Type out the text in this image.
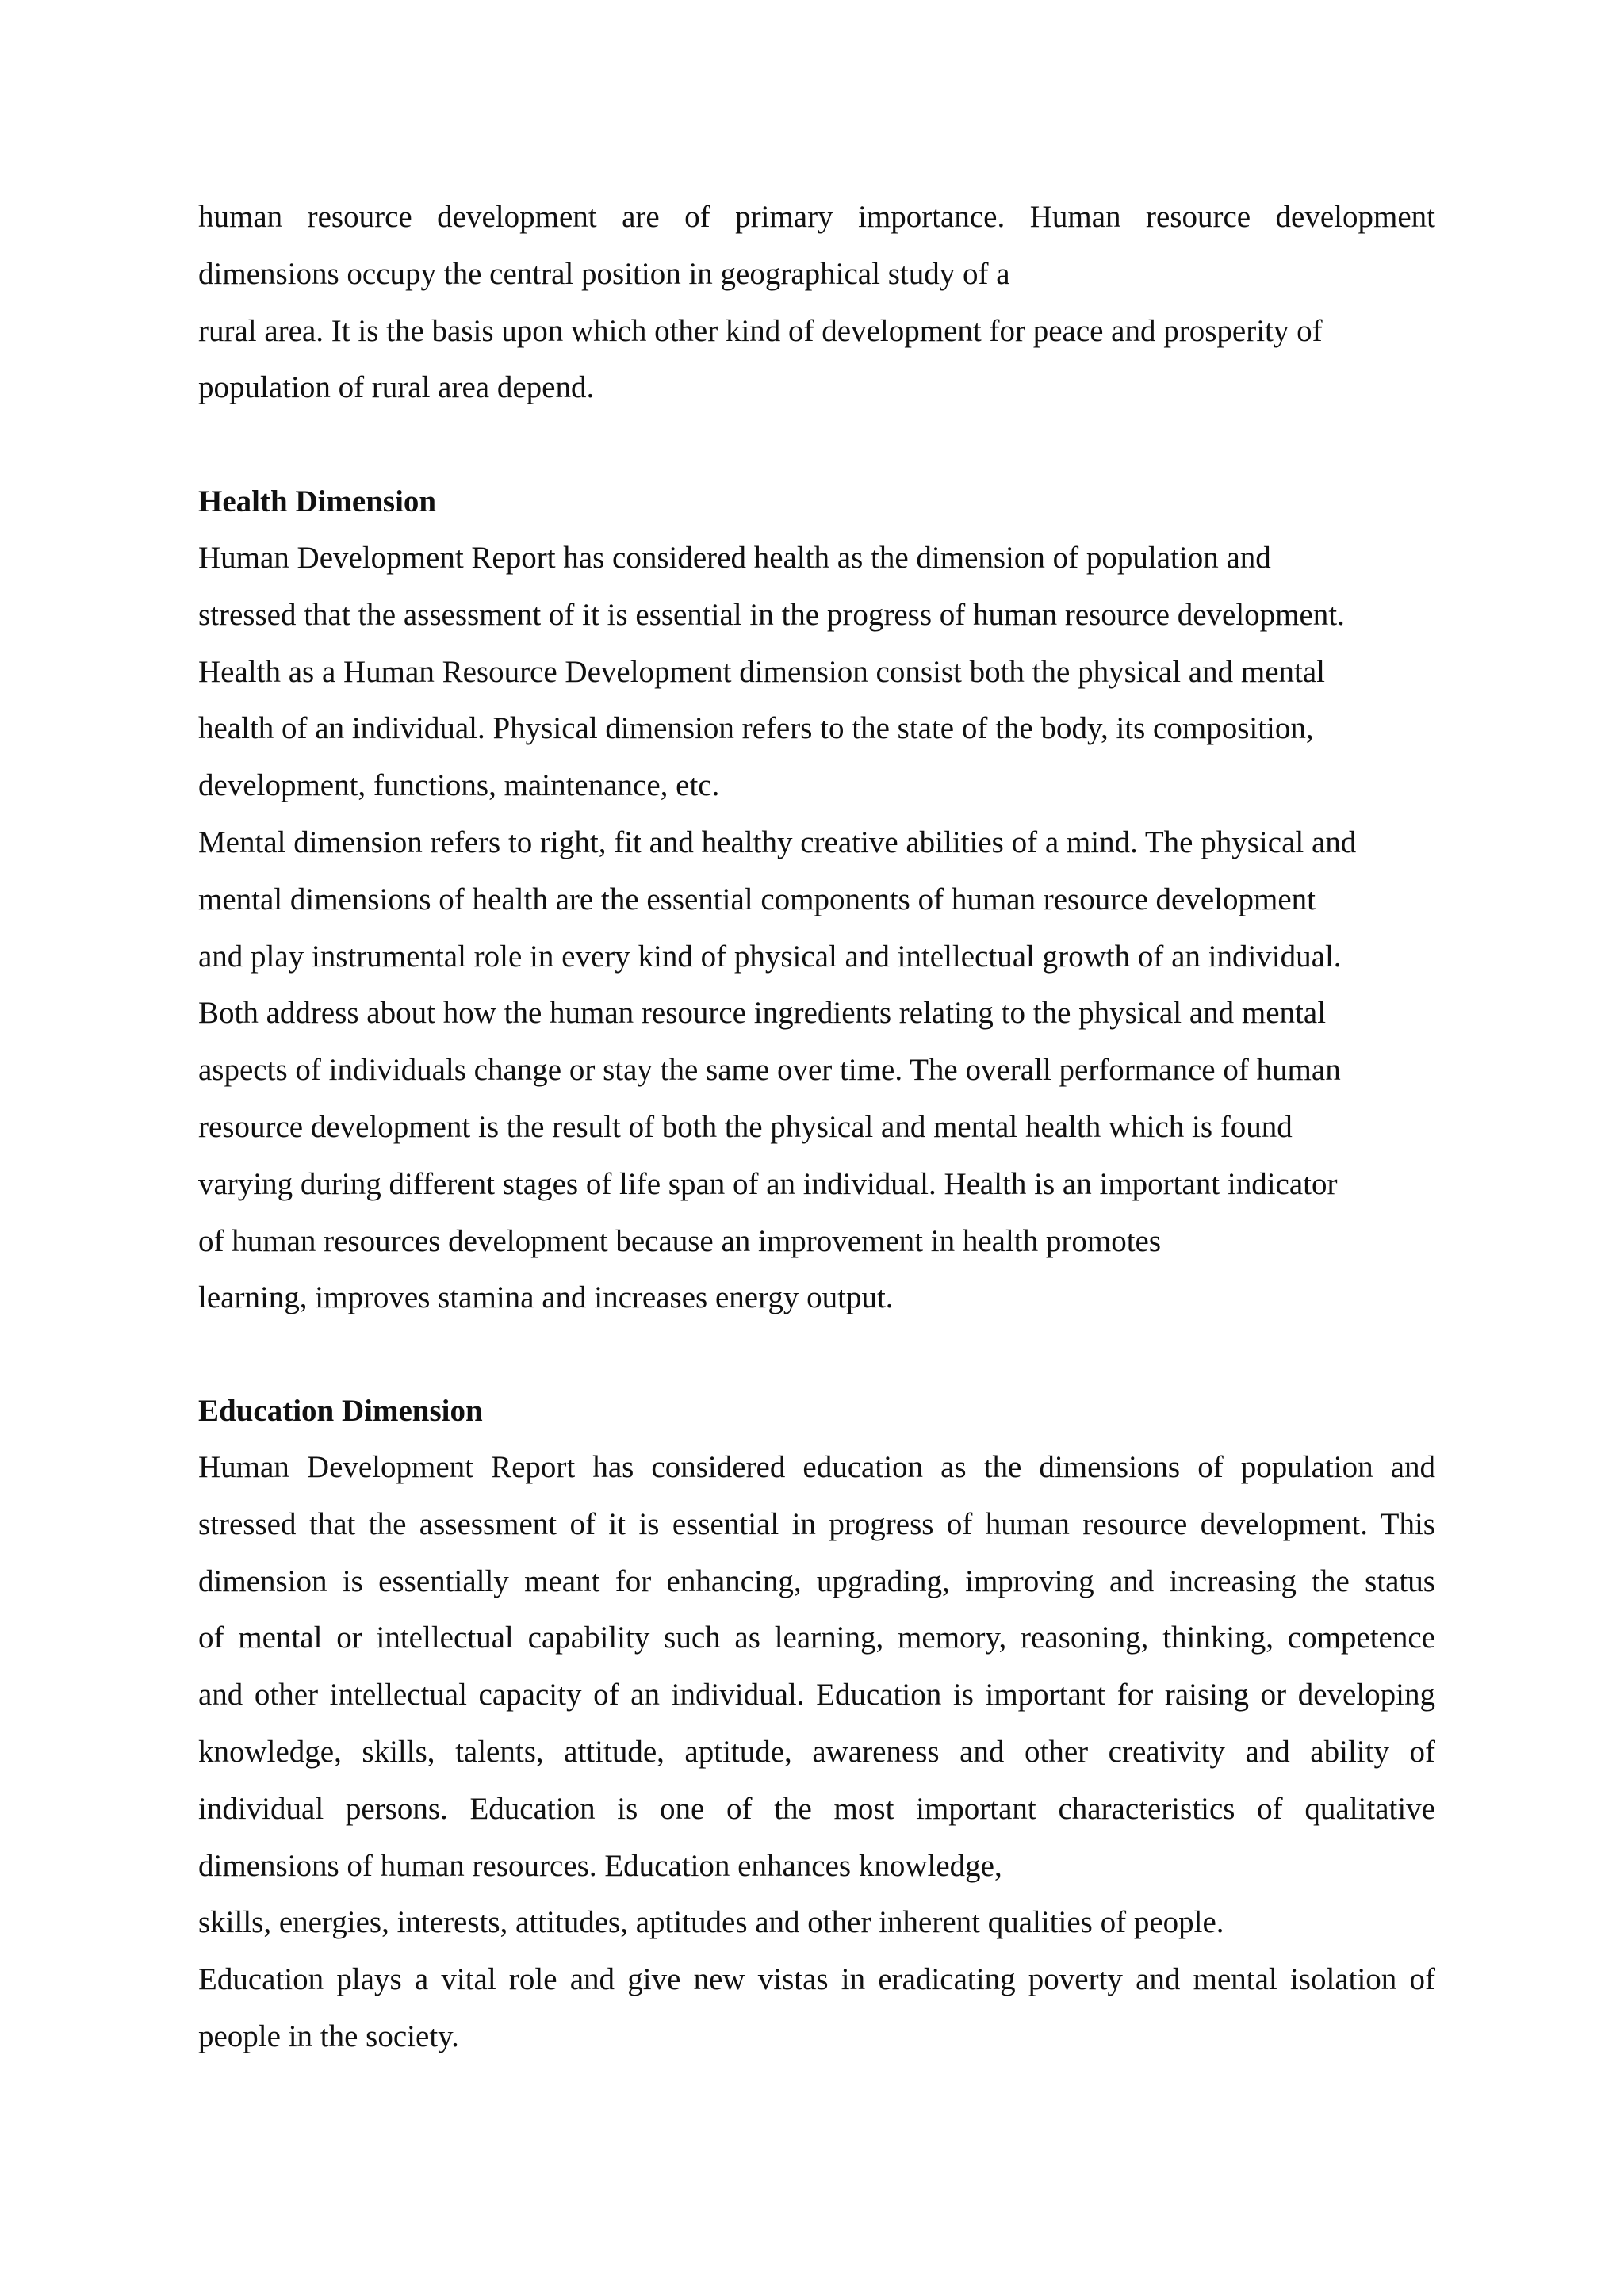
human resource development are of primary importance. Human resource development
dimensions occupy the central position in geographical study of a
rural area. It is the basis upon which other kind of development for peace and prosperity of
population of rural area depend.
Health Dimension
Human Development Report has considered health as the dimension of population and
stressed that the assessment of it is essential in the progress of human resource development.
Health as a Human Resource Development dimension consist both the physical and mental
health of an individual. Physical dimension refers to the state of the body, its composition,
development, functions, maintenance, etc.
Mental dimension refers to right, fit and healthy creative abilities of a mind. The physical and
mental dimensions of health are the essential components of human resource development
and play instrumental role in every kind of physical and intellectual growth of an individual.
Both address about how the human resource ingredients relating to the physical and mental
aspects of individuals change or stay the same over time. The overall performance of human
resource development is the result of both the physical and mental health which is found
varying during different stages of life span of an individual. Health is an important indicator
of human resources development because an improvement in health promotes
learning, improves stamina and increases energy output.
Education Dimension
Human Development Report has considered education as the dimensions of population and
stressed that the assessment of it is essential in progress of human resource development. This
dimension is essentially meant for enhancing, upgrading, improving and increasing the status
of mental or intellectual capability such as learning, memory, reasoning, thinking, competence
and other intellectual capacity of an individual. Education is important for raising or developing
knowledge, skills, talents, attitude, aptitude, awareness and other creativity and ability of
individual persons. Education is one of the most important characteristics of qualitative
dimensions of human resources. Education enhances knowledge,
skills, energies, interests, attitudes, aptitudes and other inherent qualities of people.
Education plays a vital role and give new vistas in eradicating poverty and mental isolation of
people in the society.
